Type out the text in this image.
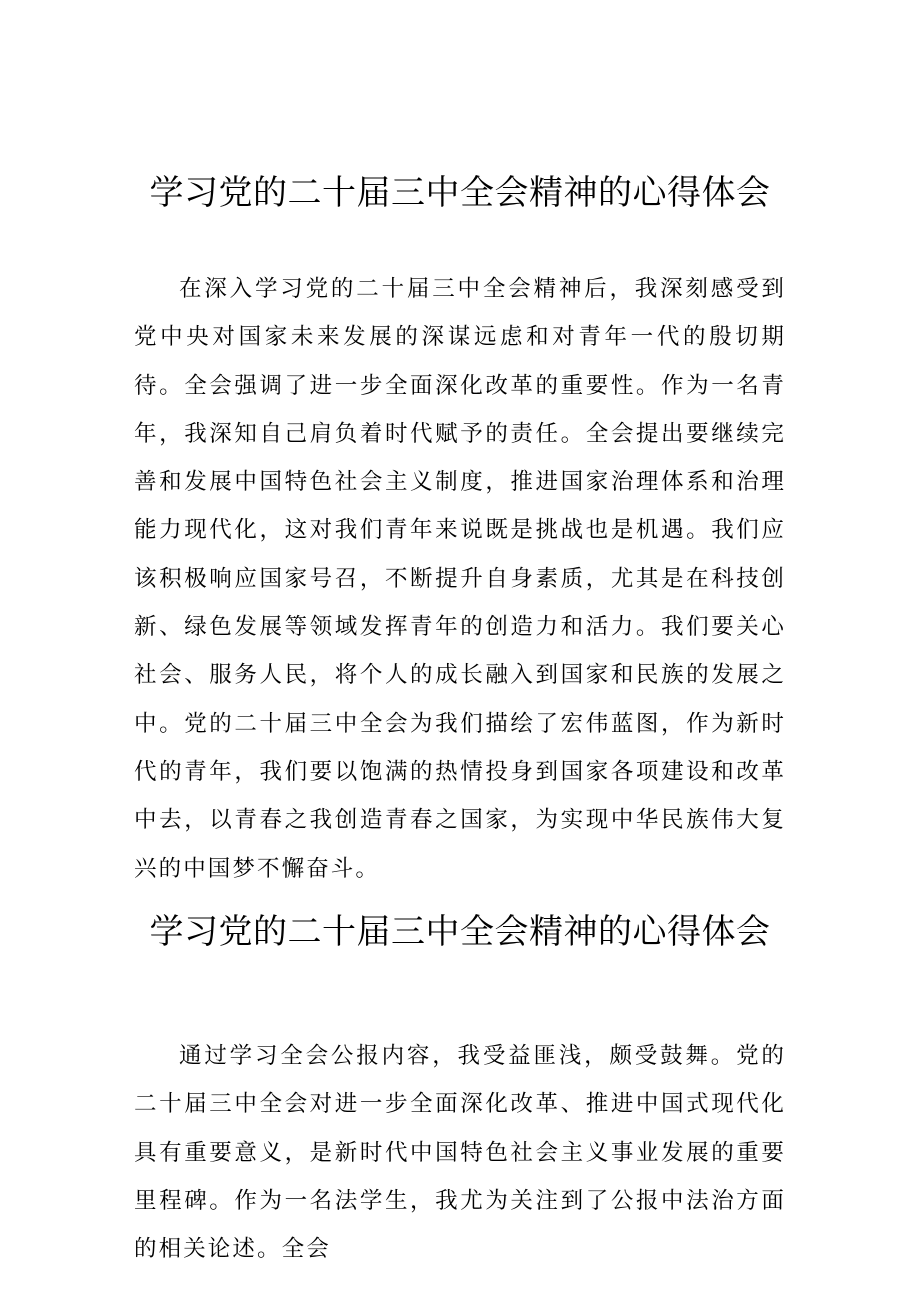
学习党的二十届三中全会精神的心得体会

在深入学习党的二十届三中全会精神后，我深刻感受到党中央对国家未来发展的深谋远虑和对青年一代的殷切期待。全会强调了进一步全面深化改革的重要性。作为一名青年，我深知自己肩负着时代赋予的责任。全会提出要继续完善和发展中国特色社会主义制度，推进国家治理体系和治理能力现代化，这对我们青年来说既是挑战也是机遇。我们应该积极响应国家号召，不断提升自身素质，尤其是在科技创新、绿色发展等领域发挥青年的创造力和活力。我们要关心社会、服务人民，将个人的成长融入到国家和民族的发展之中。党的二十届三中全会为我们描绘了宏伟蓝图，作为新时代的青年，我们要以饱满的热情投身到国家各项建设和改革中去，以青春之我创造青春之国家，为实现中华民族伟大复兴的中国梦不懈奋斗。

学习党的二十届三中全会精神的心得体会

通过学习全会公报内容，我受益匪浅，颇受鼓舞。党的二十届三中全会对进一步全面深化改革、推进中国式现代化具有重要意义，是新时代中国特色社会主义事业发展的重要里程碑。作为一名法学生，我尤为关注到了公报中法治方面的相关论述。全会
